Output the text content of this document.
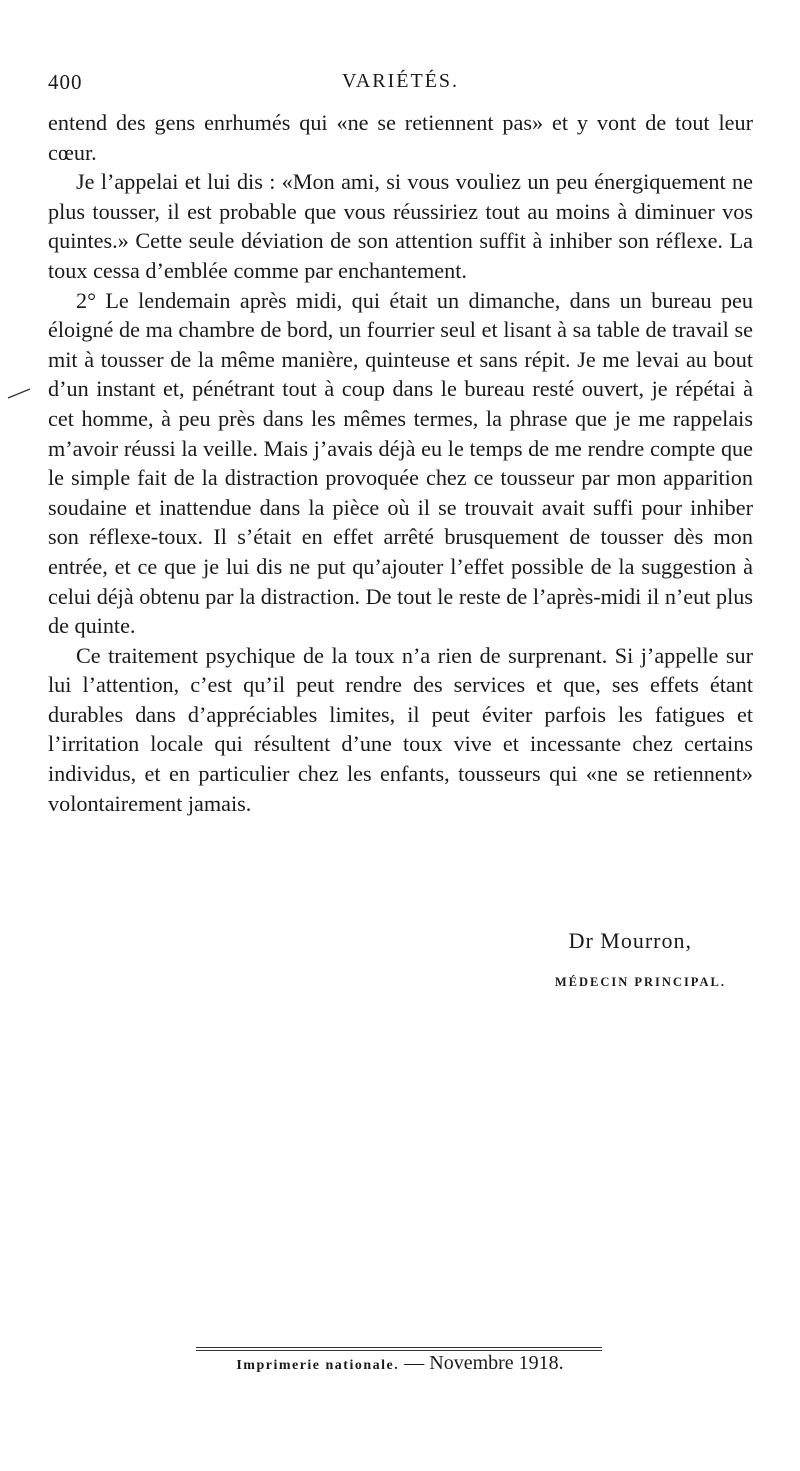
400	VARIÉTÉS.

entend des gens enrhumés qui «ne se retiennent pas» et y vont de tout leur cœur.

Je l’appelai et lui dis : «Mon ami, si vous vouliez un peu énergiquement ne plus tousser, il est probable que vous réussiriez tout au moins à diminuer vos quintes.» Cette seule déviation de son attention suffit à inhiber son réflexe. La toux cessa d’emblée comme par enchantement.

2° Le lendemain après midi, qui était un dimanche, dans un bureau peu éloigné de ma chambre de bord, un fourrier seul et lisant à sa table de travail se mit à tousser de la même manière, quinteuse et sans répit. Je me levai au bout d’un instant et, pénétrant tout à coup dans le bureau resté ouvert, je répétai à cet homme, à peu près dans les mêmes termes, la phrase que je me rappelais m’avoir réussi la veille. Mais j’avais déjà eu le temps de me rendre compte que le simple fait de la distraction provoquée chez ce tousseur par mon apparition soudaine et inattendue dans la pièce où il se trouvait avait suffi pour inhiber son réflexe-toux. Il s’était en effet arrêté brusquement de tousser dès mon entrée, et ce que je lui dis ne put qu’ajouter l’effet possible de la suggestion à celui déjà obtenu par la distraction. De tout le reste de l’après-midi il n’eut plus de quinte.

Ce traitement psychique de la toux n’a rien de surprenant. Si j’appelle sur lui l’attention, c’est qu’il peut rendre des services et que, ses effets étant durables dans d’appréciables limites, il peut éviter parfois les fatigues et l’irritation locale qui résultent d’une toux vive et incessante chez certains individus, et en particulier chez les enfants, tousseurs qui «ne se retiennent» volontairement jamais.

Dr Mourron,
MÉDECIN PRINCIPAL.
Imprimerie nationale. — Novembre 1918.
